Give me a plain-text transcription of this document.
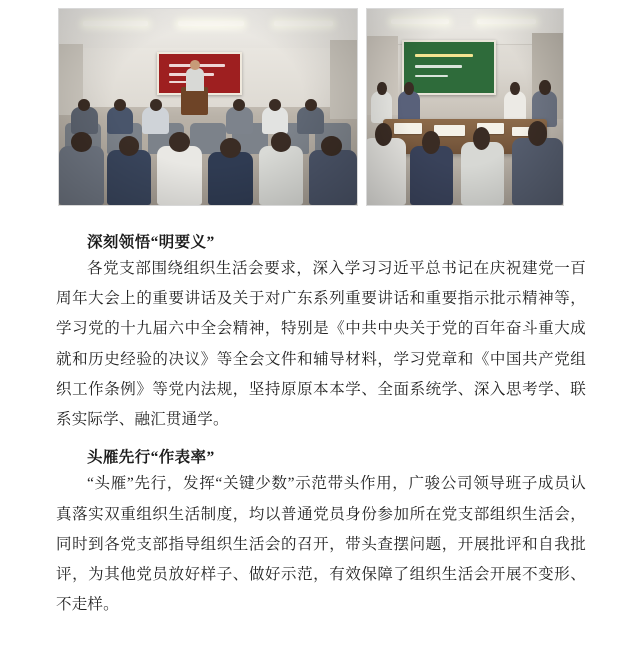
深刻领悟“明要义”

各党支部围绕组织生活会要求，深入学习习近平总书记在庆祝建党一百周年大会上的重要讲话及关于对广东系列重要讲话和重要指示批示精神等，学习党的十九届六中全会精神，特别是《中共中央关于党的百年奋斗重大成就和历史经验的决议》等全会文件和辅导材料，学习党章和《中国共产党组织工作条例》等党内法规，坚持原原本本学、全面系统学、深入思考学、联系实际学、融汇贯通学。

头雁先行“作表率”

“头雁”先行，发挥“关键少数”示范带头作用，广骏公司领导班子成员认真落实双重组织生活制度，均以普通党员身份参加所在党支部组织生活会，同时到各党支部指导组织生活会的召开，带头查摆问题，开展批评和自我批评，为其他党员放好样子、做好示范，有效保障了组织生活会开展不变形、不走样。
